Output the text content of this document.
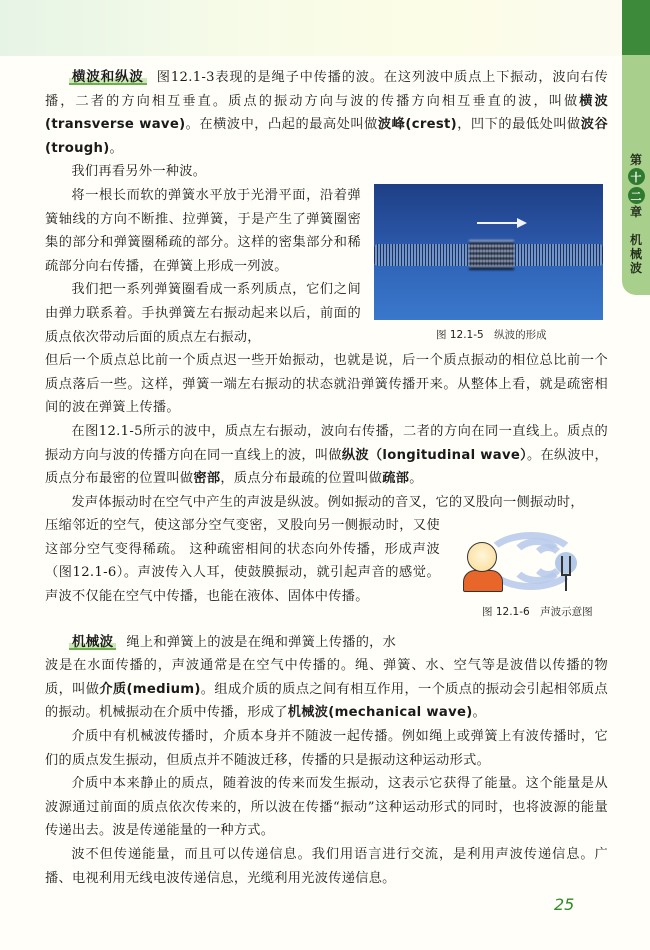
第
十
二
章
机
械
波

横波和纵波 图12.1-3表现的是绳子中传播的波。在这列波中质点上下振动，波向右传播，二者的方向相互垂直。质点的振动方向与波的传播方向相互垂直的波，叫做横波(transverse wave)。在横波中，凸起的最高处叫做波峰(crest)，凹下的最低处叫做波谷(trough)。

我们再看另外一种波。

将一根长而软的弹簧水平放于光滑平面，沿着弹簧轴线的方向不断推、拉弹簧，于是产生了弹簧圈密集的部分和弹簧圈稀疏的部分。这样的密集部分和稀疏部分向右传播，在弹簧上形成一列波。

我们把一系列弹簧圈看成一系列质点，它们之间由弹力联系着。手执弹簧左右振动起来以后，前面的质点依次带动后面的质点左右振动，

但后一个质点总比前一个质点迟一些开始振动，也就是说，后一个质点振动的相位总比前一个质点落后一些。这样，弹簧一端左右振动的状态就沿弹簧传播开来。从整体上看，就是疏密相间的波在弹簧上传播。

在图12.1-5所示的波中，质点左右振动，波向右传播，二者的方向在同一直线上。质点的振动方向与波的传播方向在同一直线上的波，叫做纵波（longitudinal wave）。在纵波中，质点分布最密的位置叫做密部，质点分布最疏的位置叫做疏部。

发声体振动时在空气中产生的声波是纵波。例如振动的音叉，它的叉股向一侧振动时，

压缩邻近的空气，使这部分空气变密，叉股向另一侧振动时，又使这部分空气变得稀疏。 这种疏密相间的状态向外传播，形成声波（图12.1-6）。声波传入人耳，使鼓膜振动，就引起声音的感觉。声波不仅能在空气中传播，也能在液体、固体中传播。

机械波 绳上和弹簧上的波是在绳和弹簧上传播的，水

波是在水面传播的，声波通常是在空气中传播的。绳、弹簧、水、空气等是波借以传播的物质，叫做介质(medium)。组成介质的质点之间有相互作用，一个质点的振动会引起相邻质点的振动。机械振动在介质中传播，形成了机械波(mechanical wave)。

介质中有机械波传播时，介质本身并不随波一起传播。例如绳上或弹簧上有波传播时，它们的质点发生振动，但质点并不随波迁移，传播的只是振动这种运动形式。

介质中本来静止的质点，随着波的传来而发生振动，这表示它获得了能量。这个能量是从波源通过前面的质点依次传来的，所以波在传播“振动”这种运动形式的同时，也将波源的能量传递出去。波是传递能量的一种方式。

波不但传递能量，而且可以传递信息。我们用语言进行交流，是利用声波传递信息。广播、电视利用无线电波传递信息，光缆利用光波传递信息。

图 12.1-5　纵波的形成
图 12.1-6　声波示意图
25
